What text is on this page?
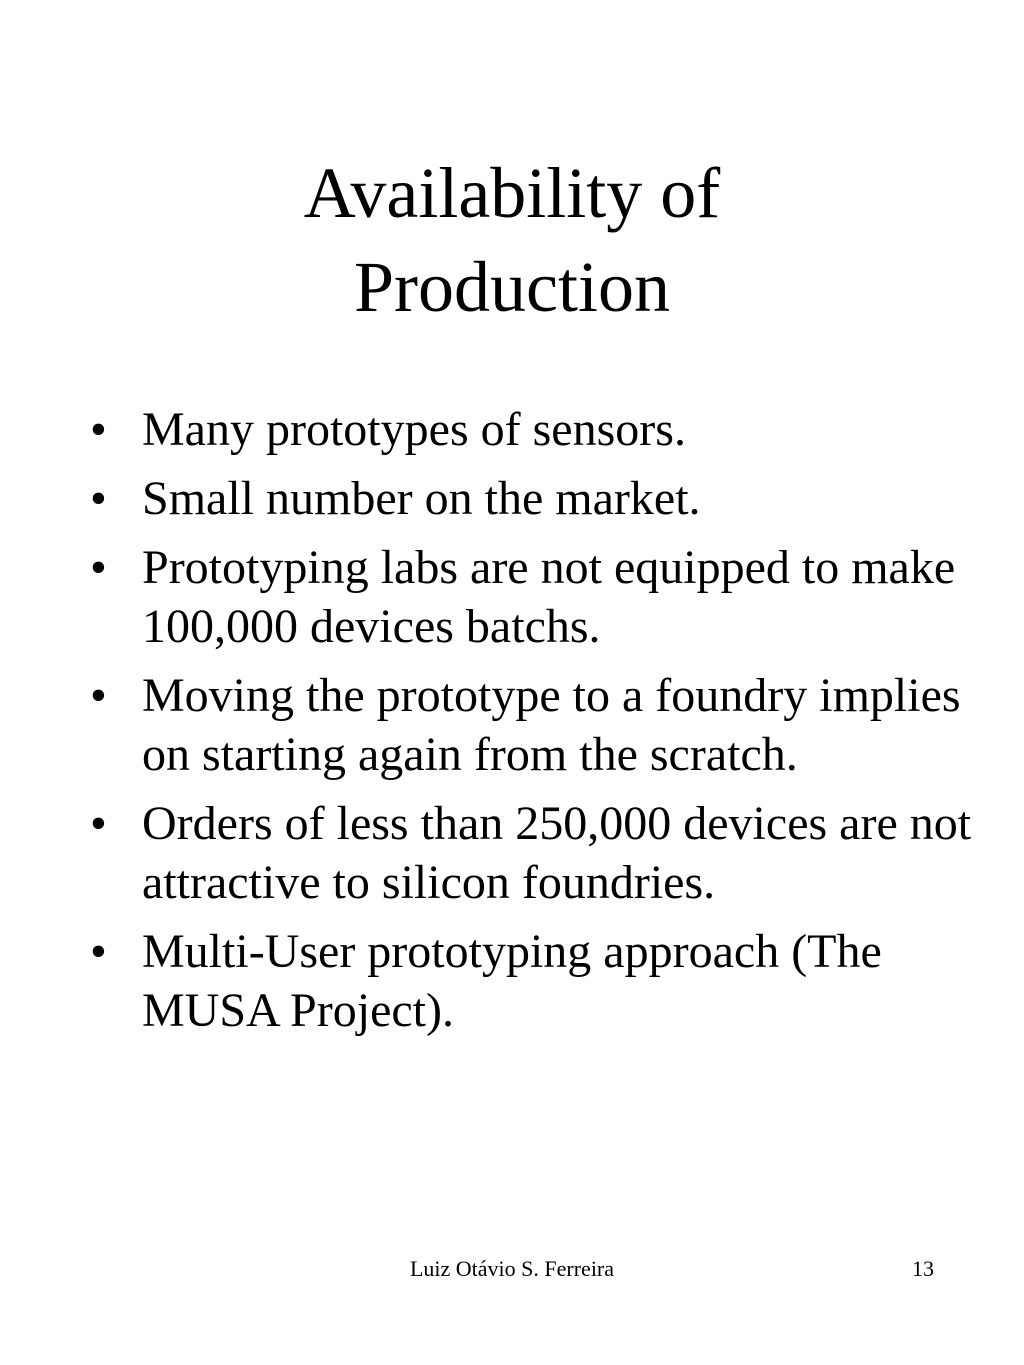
Availability of
Production
• Many prototypes of sensors.
• Small number on the market.
• Prototyping labs are not equipped to make 100,000 devices batchs.
• Moving the prototype to a foundry implies on starting again from the scratch.
• Orders of less than 250,000 devices are not attractive to silicon foundries.
• Multi-User prototyping approach (The MUSA Project).
Luiz Otávio S. Ferreira	13
